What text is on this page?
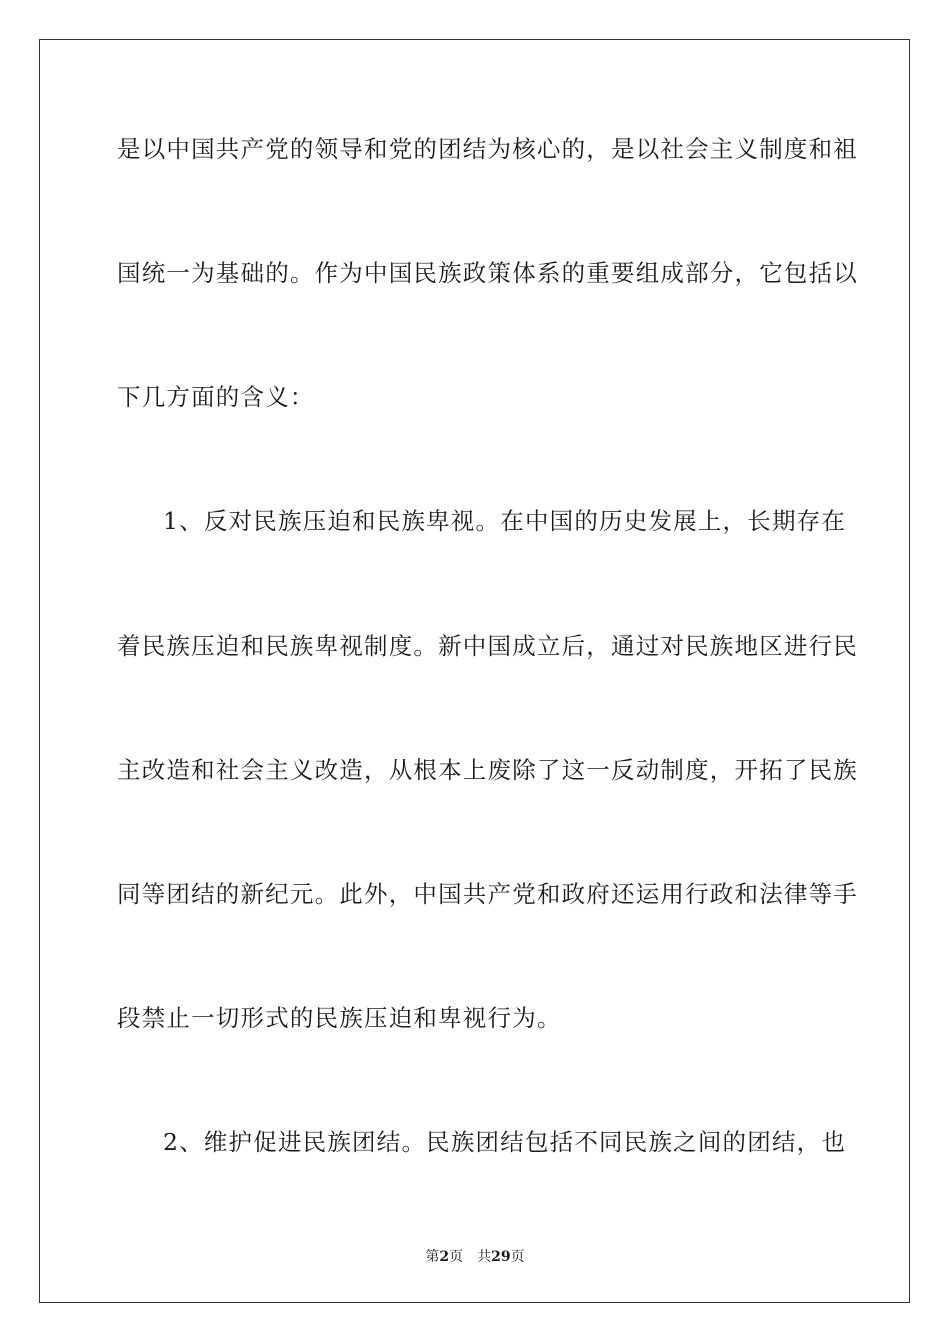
是以中国共产党的领导和党的团结为核心的，是以社会主义制度和祖
国统一为基础的。作为中国民族政策体系的重要组成部分，它包括以
下几方面的含义：
1、反对民族压迫和民族卑视。在中国的历史发展上，长期存在
着民族压迫和民族卑视制度。新中国成立后，通过对民族地区进行民
主改造和社会主义改造，从根本上废除了这一反动制度，开拓了民族
同等团结的新纪元。此外，中国共产党和政府还运用行政和法律等手
段禁止一切形式的民族压迫和卑视行为。
2、维护促进民族团结。民族团结包括不同民族之间的团结，也
第2页 共29页
